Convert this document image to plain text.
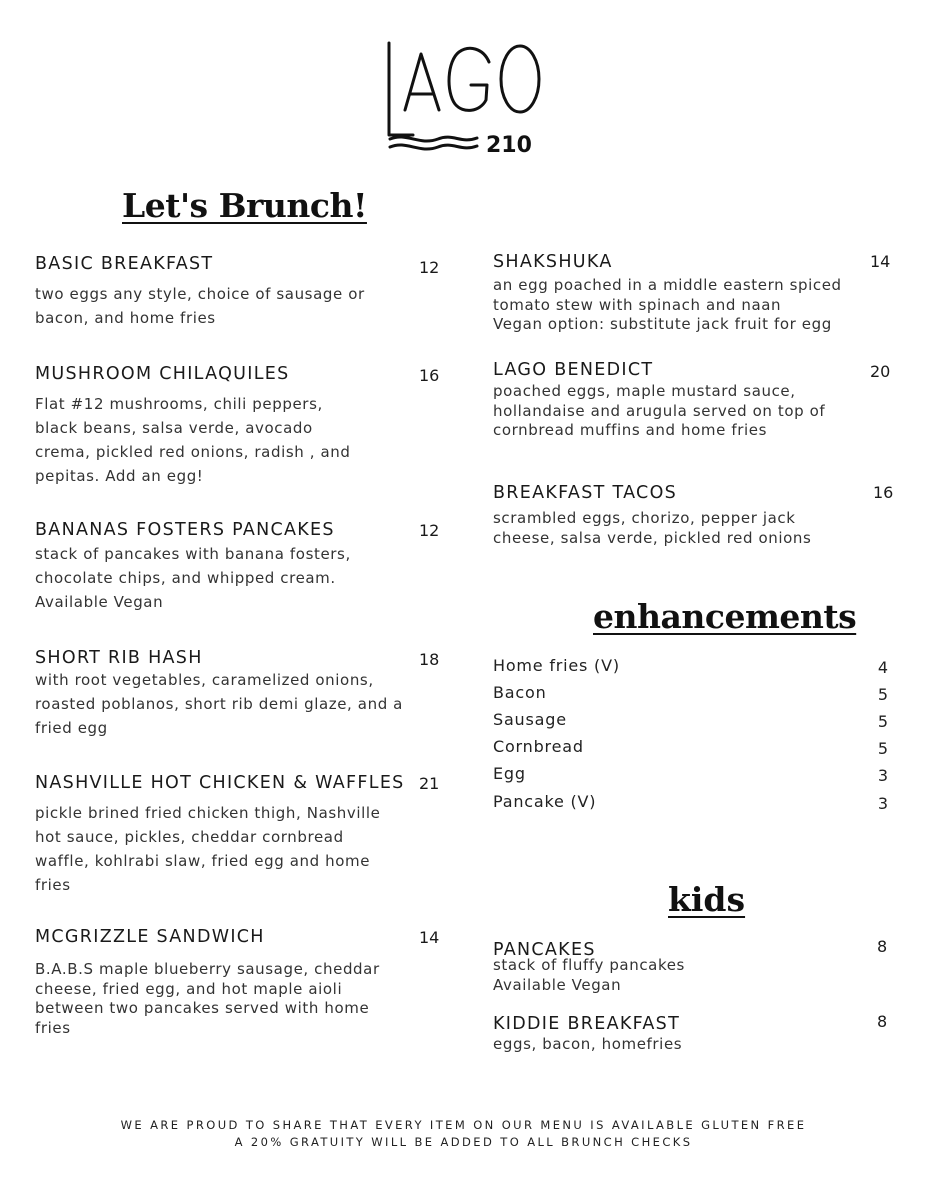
210
Let's Brunch!
enhancements
kids
BASIC BREAKFAST
two eggs any style, choice of sausage or
bacon, and home fries
12
MUSHROOM CHILAQUILES
Flat #12 mushrooms, chili peppers,
black beans, salsa verde, avocado
crema, pickled red onions, radish , and
pepitas. Add an egg!
16
BANANAS FOSTERS PANCAKES
stack of pancakes with banana fosters,
chocolate chips, and whipped cream.
Available Vegan
12
SHORT RIB HASH
with root vegetables, caramelized onions,
roasted poblanos, short rib demi glaze, and a
fried egg
18
NASHVILLE HOT CHICKEN & WAFFLES
pickle brined fried chicken thigh, Nashville
hot sauce, pickles, cheddar cornbread
waffle, kohlrabi slaw, fried egg and home
fries
21
MCGRIZZLE SANDWICH
B.A.B.S maple blueberry sausage, cheddar
cheese, fried egg, and hot maple aioli
between two pancakes served with home
fries
14
SHAKSHUKA
an egg poached in a middle eastern spiced
tomato stew with spinach and naan
Vegan option: substitute jack fruit for egg
14
LAGO BENEDICT
poached eggs, maple mustard sauce,
hollandaise and arugula served on top of
cornbread muffins and home fries
20
BREAKFAST TACOS
scrambled eggs, chorizo, pepper jack
cheese, salsa verde, pickled red onions
16
Home fries (V)	4
Bacon	5
Sausage	5
Cornbread	5
Egg	3
Pancake (V)	3
PANCAKES
stack of fluffy pancakes
Available Vegan
8
KIDDIE BREAKFAST
eggs, bacon, homefries
8
WE ARE PROUD TO SHARE THAT EVERY ITEM ON OUR MENU IS AVAILABLE GLUTEN FREE
A 20% GRATUITY WILL BE ADDED TO ALL BRUNCH CHECKS
